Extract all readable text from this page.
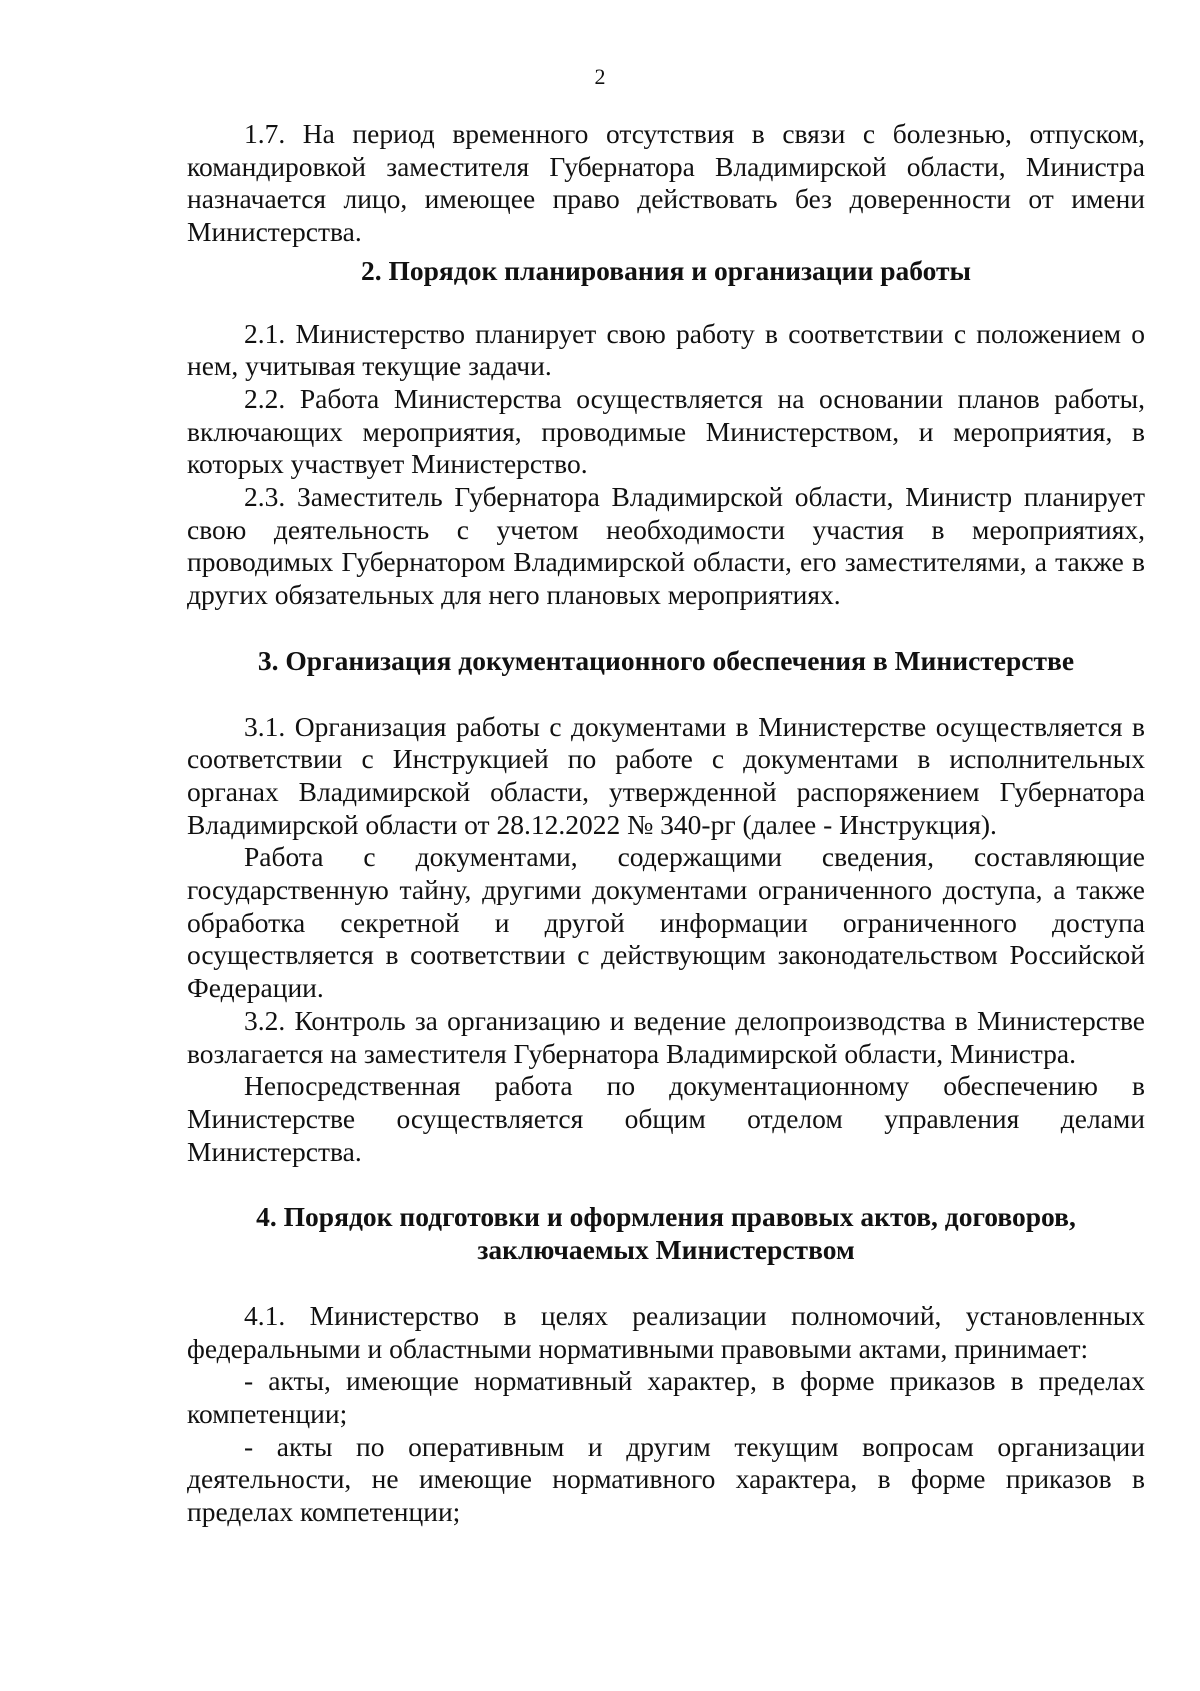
2

1.7. На период временного отсутствия в связи с болезнью, отпуском, командировкой заместителя Губернатора Владимирской области, Министра назначается лицо, имеющее право действовать без доверенности от имени Министерства.

2. Порядок планирования и организации работы

2.1. Министерство планирует свою работу в соответствии с положением о нем, учитывая текущие задачи.

2.2. Работа Министерства осуществляется на основании планов работы, включающих мероприятия, проводимые Министерством, и мероприятия, в которых участвует Министерство.

2.3. Заместитель Губернатора Владимирской области, Министр планирует свою деятельность с учетом необходимости участия в мероприятиях, проводимых Губернатором Владимирской области, его заместителями, а также в других обязательных для него плановых мероприятиях.

3. Организация документационного обеспечения в Министерстве

3.1. Организация работы с документами в Министерстве осуществляется в соответствии с Инструкцией по работе с документами в исполнительных органах Владимирской области, утвержденной распоряжением Губернатора Владимирской области от 28.12.2022 № 340-рг (далее - Инструкция).

Работа с документами, содержащими сведения, составляющие государственную тайну, другими документами ограниченного доступа, а также обработка секретной и другой информации ограниченного доступа осуществляется в соответствии с действующим законодательством Российской Федерации.

3.2. Контроль за организацию и ведение делопроизводства в Министерстве возлагается на заместителя Губернатора Владимирской области, Министра.

Непосредственная работа по документационному обеспечению в Министерстве осуществляется общим отделом управления делами Министерства.

4. Порядок подготовки и оформления правовых актов, договоров, заключаемых Министерством

4.1. Министерство в целях реализации полномочий, установленных федеральными и областными нормативными правовыми актами, принимает:

- акты, имеющие нормативный характер, в форме приказов в пределах компетенции;

- акты по оперативным и другим текущим вопросам организации деятельности, не имеющие нормативного характера, в форме приказов в пределах компетенции;
